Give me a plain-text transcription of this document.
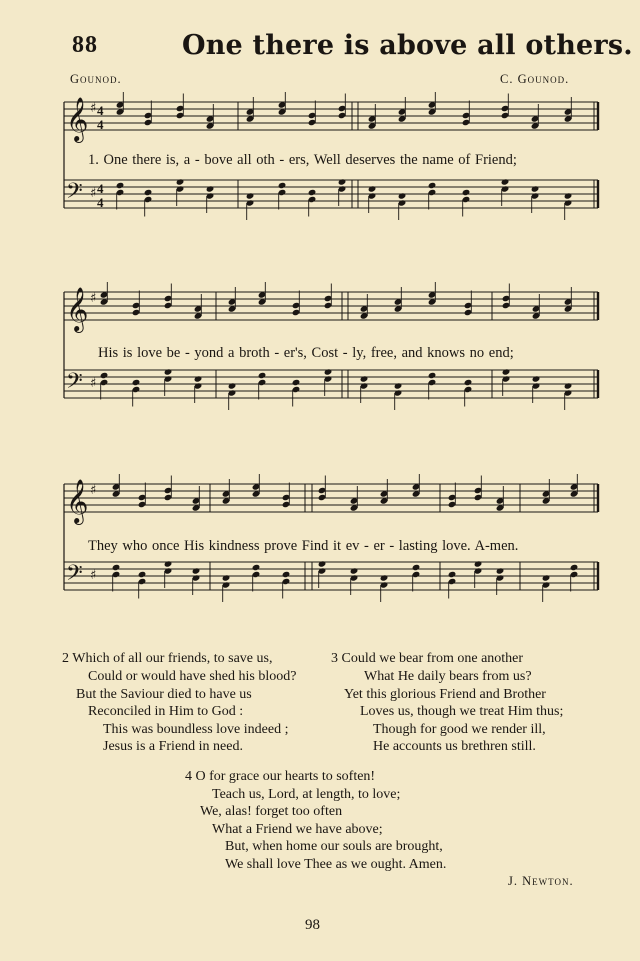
88	One there is above all others.
Gounod.	C. Gounod.
𝄞 ♯ 4
4
𝄢 ♯ 4
4
1. One there is, a - bove all oth - ers, Well deserves the name of Friend;
𝄞 ♯
𝄢 ♯
His is love be - yond a broth - er's, Cost - ly, free, and knows no end;
𝄞 ♯
𝄢 ♯
They who once His kindness prove Find it ev - er - lasting love. A-men.
2 Which of all our friends, to save us,
Could or would have shed his blood?
But the Saviour died to have us
Reconciled in Him to God :
This was boundless love indeed ;
Jesus is a Friend in need.
3 Could we bear from one another
What He daily bears from us?
Yet this glorious Friend and Brother
Loves us, though we treat Him thus;
Though for good we render ill,
He accounts us brethren still.
4 O for grace our hearts to soften!
Teach us, Lord, at length, to love;
We, alas! forget too often
What a Friend we have above;
But, when home our souls are brought,
We shall love Thee as we ought. Amen.
J. Newton.
98
